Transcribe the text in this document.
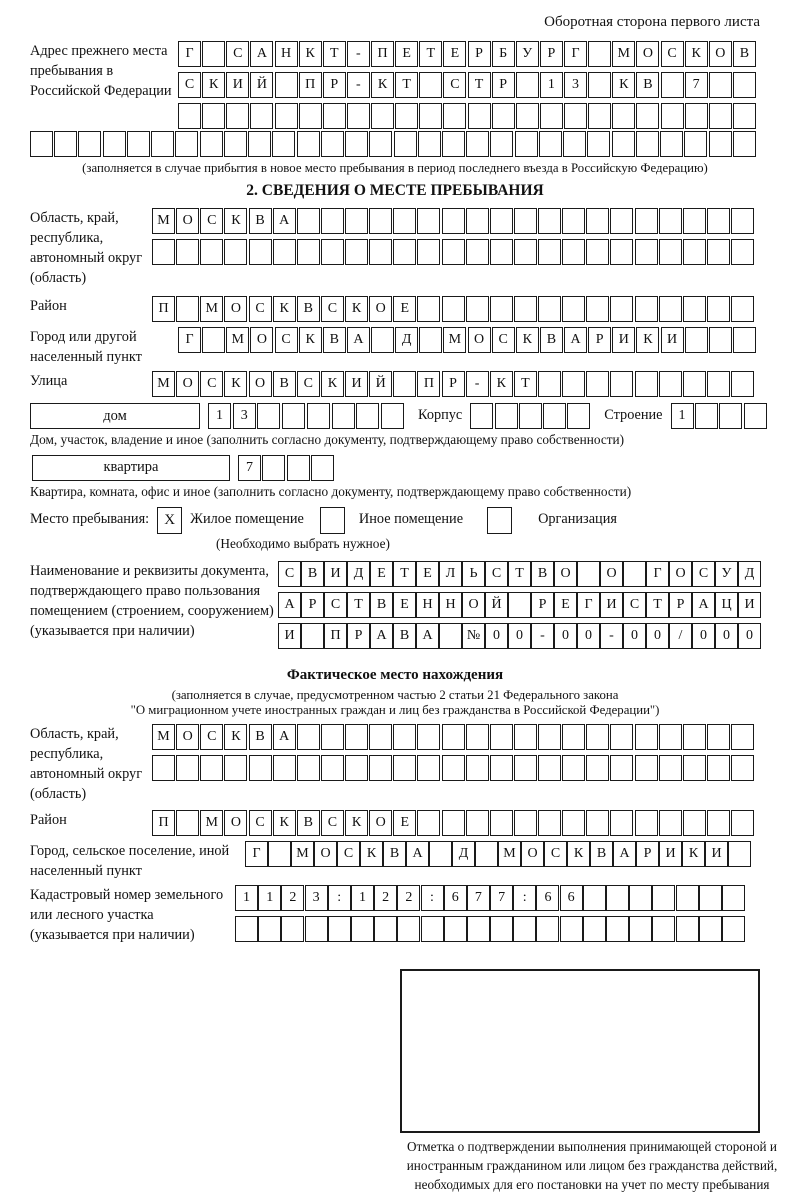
Оборотная сторона первого листа
Адрес прежнего места пребывания в Российской Федерации
Г	С	А	Н	К	Т	-	П	Е	Т	Е	Р	Б	У	Р	Г	М О	С	К	О	В
С	К	И	Й	П	Р	-	К	Т	С	Т	Р	1	3	К	В	7
(заполняется в случае прибытия в новое место пребывания в период последнего въезда в Российскую Федерацию)
2. СВЕДЕНИЯ О МЕСТЕ ПРЕБЫВАНИЯ
Область, край, республика, автономный округ (область)
М О	С	К	В	А
Район	П	М О	С	К	В	С	К	О	Е
Город или другой населенный пункт
Г	М О	С	К	В	А	Д	М О	С	К	В	А	Р	И	К	И
Улица	М О	С	К	О	В	С	К	И	Й	П	Р	-	К	Т
дом	1	3	Корпус	Строение	1
Дом, участок, владение и иное (заполнить согласно документу, подтверждающему право собственности)
квартира	7
Квартира, комната, офис и иное (заполнить согласно документу, подтверждающему право собственности)
Место пребывания:	X	Жилое помещение	Иное помещение	Организация
(Необходимо выбрать нужное)
Наименование и реквизиты документа, подтверждающего право пользования помещением (строением, сооружением) (указывается при наличии)
С В И Д Е	Т	Е Л	Ь	С	Т	В О	О	Г О С У Д
А	Р	С	Т	В	Е Н Н О Й	Р	Е	Г И С	Т	Р	А Ц И
И	П	Р	А В А	№ 0	0	-	0	0	-	0	0	/	0	0	0
Фактическое место нахождения
(заполняется в случае, предусмотренном частью 2 статьи 21 Федерального закона
"О миграционном учете иностранных граждан и лиц без гражданства в Российской Федерации")
Область, край, республика, автономный округ (область)
М О	С	К	В	А
Район	П	М О	С	К	В	С	К	О	Е
Город, сельское поселение, иной населенный пункт
Г	М О С К В А	Д	М О С К В А	Р	И К И
Кадастровый номер земельного или лесного участка (указывается при наличии)
1	1	2	3	:	1	2	2	:	6	7	7	:	6	6
Отметка о подтверждении выполнения принимающей стороной и иностранным гражданином или лицом без гражданства действий, необходимых для его постановки на учет по месту пребывания
